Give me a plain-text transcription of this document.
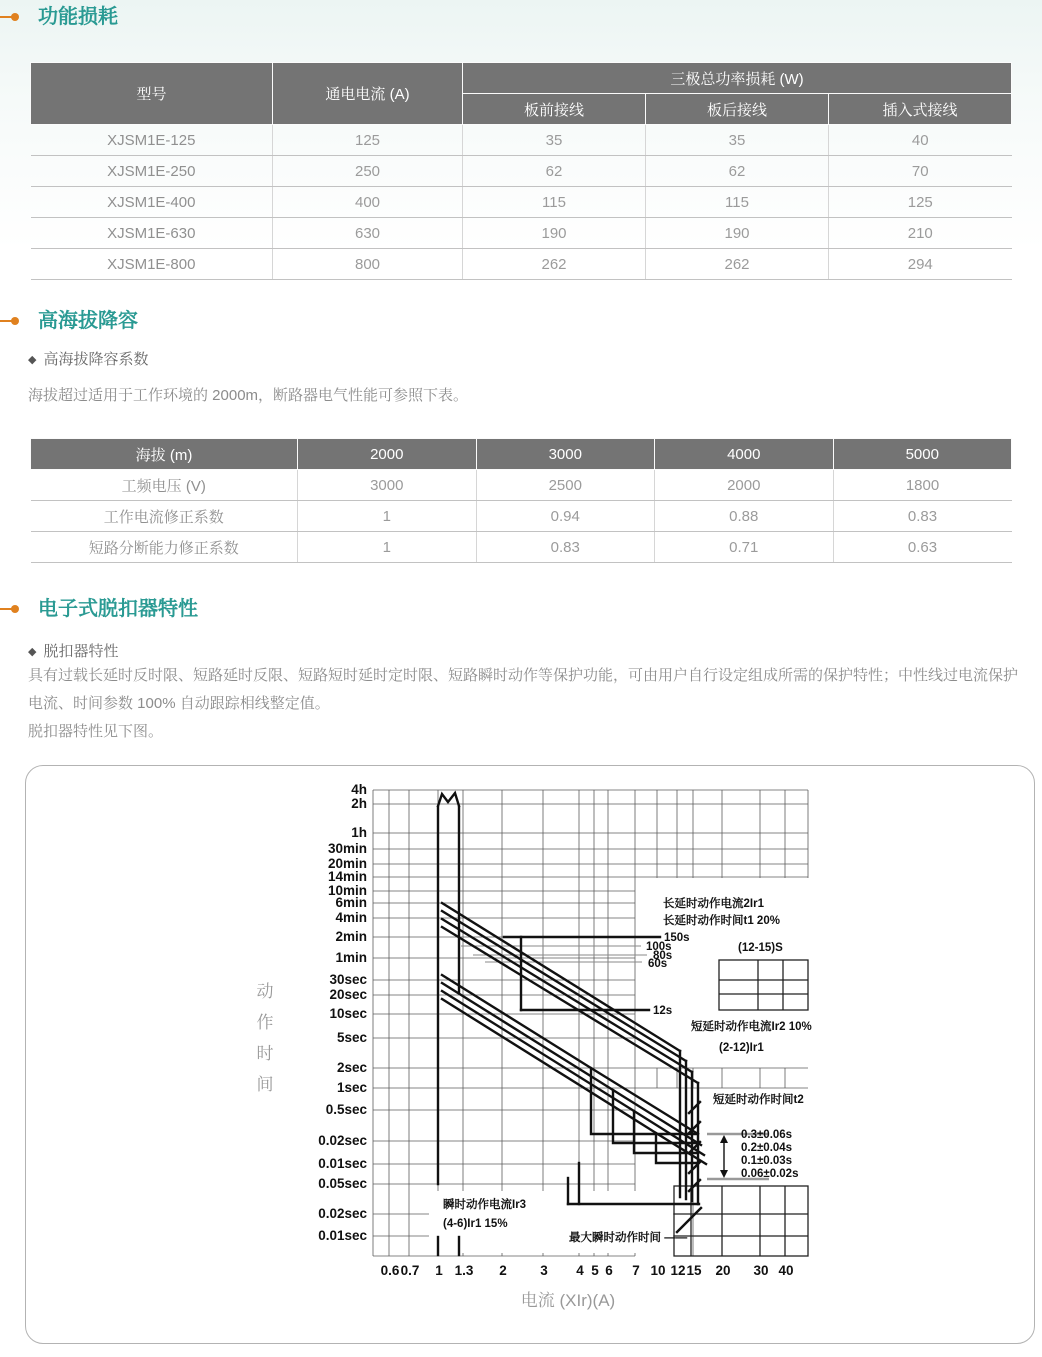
功能损耗
型号	通电电流 (A)	三极总功率损耗 (W)		
		板前接线	板后接线	插入式接线
XJSM1E-125	125	35	35	40
XJSM1E-250	250	62	62	70
XJSM1E-400	400	115	115	125
XJSM1E-630	630	190	190	210
XJSM1E-800	800	262	262	294
高海拔降容
◆ 高海拔降容系数
海拔超过适用于工作环境的 2000m，断路器电气性能可参照下表。
海拔 (m)	2000	3000	4000	5000
工频电压 (V)	3000	2500	2000	1800
工作电流修正系数	1	0.94	0.88	0.83
短路分断能力修正系数	1	0.83	0.71	0.63
电子式脱扣器特性
◆ 脱扣器特性
具有过载长延时反时限、短路延时反限、短路短时延时定时限、短路瞬时动作等保护功能，可由用户自行设定组成所需的保护特性；中性线过电流保护电流、时间参数 100% 自动跟踪相线整定值。
脱扣器特性见下图。
长延时动作电流2Ir1
长延时动作时间t1 20%
150s
100s
80s
60s
(12-15)S
12s
短延时动作电流Ir2 10%
(2-12)Ir1
短延时动作时间t2
0.3±0.06s
0.2±0.04s
0.1±0.03s
0.06±0.02s
瞬时动作电流Ir3
(4-6)Ir1 15%
最大瞬时动作时间 ——
4h
2h
1h
30min
20min
14min
10min
6min
4min
2min
1min
30sec
20sec
10sec
5sec
2sec
1sec
0.5sec
0.02sec
0.01sec
0.05sec
0.02sec
0.01sec
0.6 0.7 1 1.3 2 3 4 5 6 7 10 12 15 20 30 40
电流 (XIr)(A)
动
作
时
间
